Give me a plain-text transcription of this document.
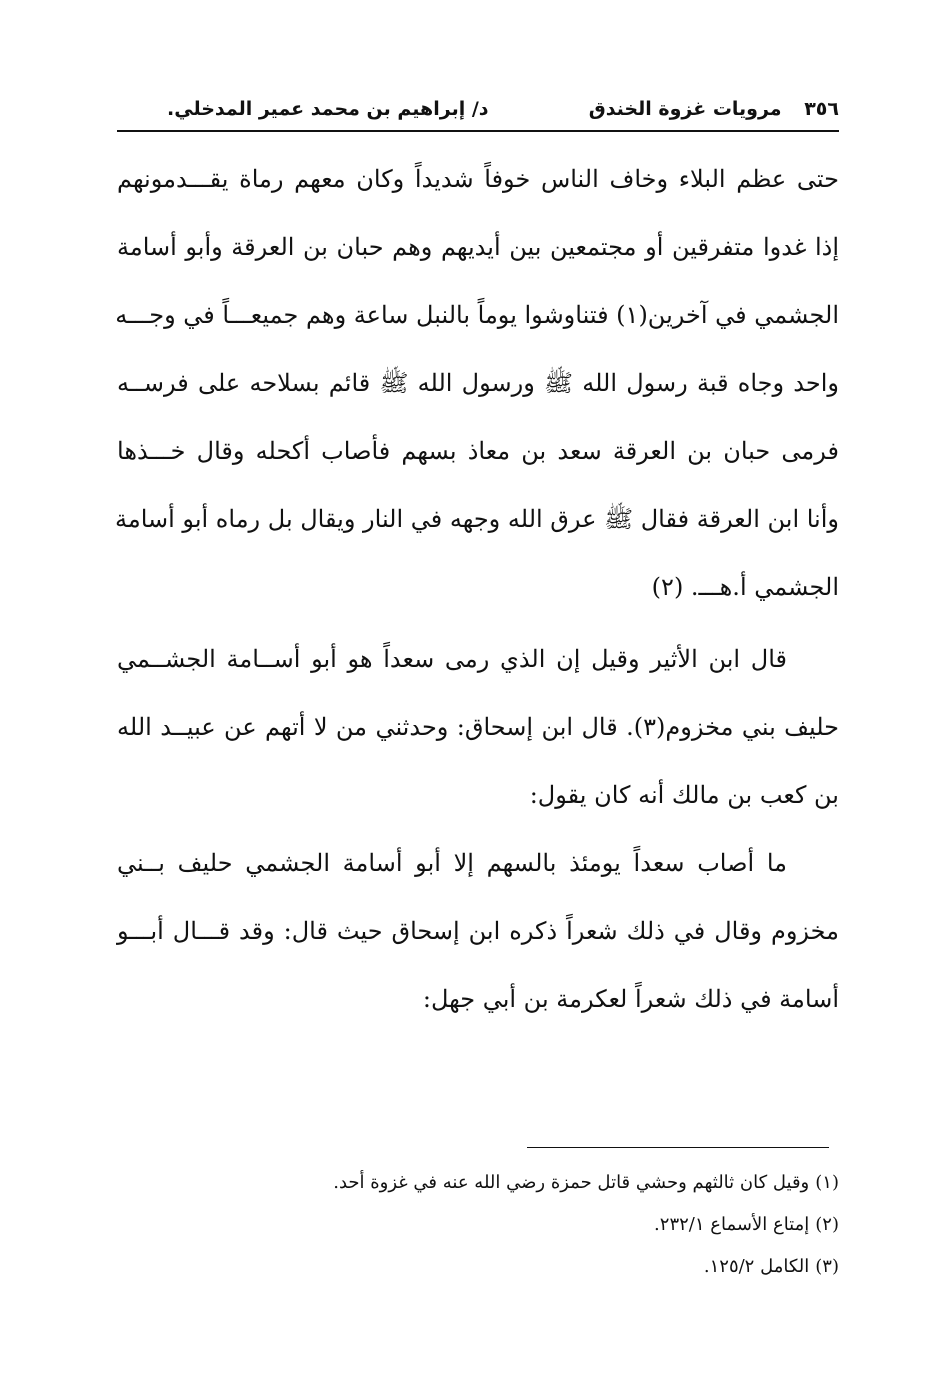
٣٥٦ مرويات غزوة الخندق
د/ إبراهيم بن محمد عمير المدخلي.
حتى عظم البلاء وخاف الناس خوفاً شديداً وكان معهم رماة يقـــدمونهم
إذا غدوا متفرقين أو مجتمعين بين أيديهم وهم حبان بن العرقة وأبو أسامة
الجشمي في آخرين(١) فتناوشوا يوماً بالنبل ساعة وهم جميعـــاً في وجـــه
واحد وجاه قبة رسول الله ﷺ ورسول الله ﷺ قائم بسلاحه على فرســه
فرمى حبان بن العرقة سعد بن معاذ بسهم فأصاب أكحله وقال خـــذها
وأنا ابن العرقة فقال ﷺ عرق الله وجهه في النار ويقال بل رماه أبو أسامة
الجشمي أ.هـــ. (٢)
قال ابن الأثير وقيل إن الذي رمى سعداً هو أبو أســامة الجشــمي
حليف بني مخزوم(٣). قال ابن إسحاق: وحدثني من لا أتهم عن عبيــد الله
بن كعب بن مالك أنه كان يقول:
ما أصاب سعداً يومئذ بالسهم إلا أبو أسامة الجشمي حليف بــني
مخزوم وقال في ذلك شعراً ذكره ابن إسحاق حيث قال: وقد قـــال أبـــو
أسامة في ذلك شعراً لعكرمة بن أبي جهل:
(١)وقيل كان ثالثهم وحشي قاتل حمزة رضي الله عنه في غزوة أحد.
(٢)إمتاع الأسماع ٢٣٢/١.
(٣)الكامل ١٢٥/٢.
